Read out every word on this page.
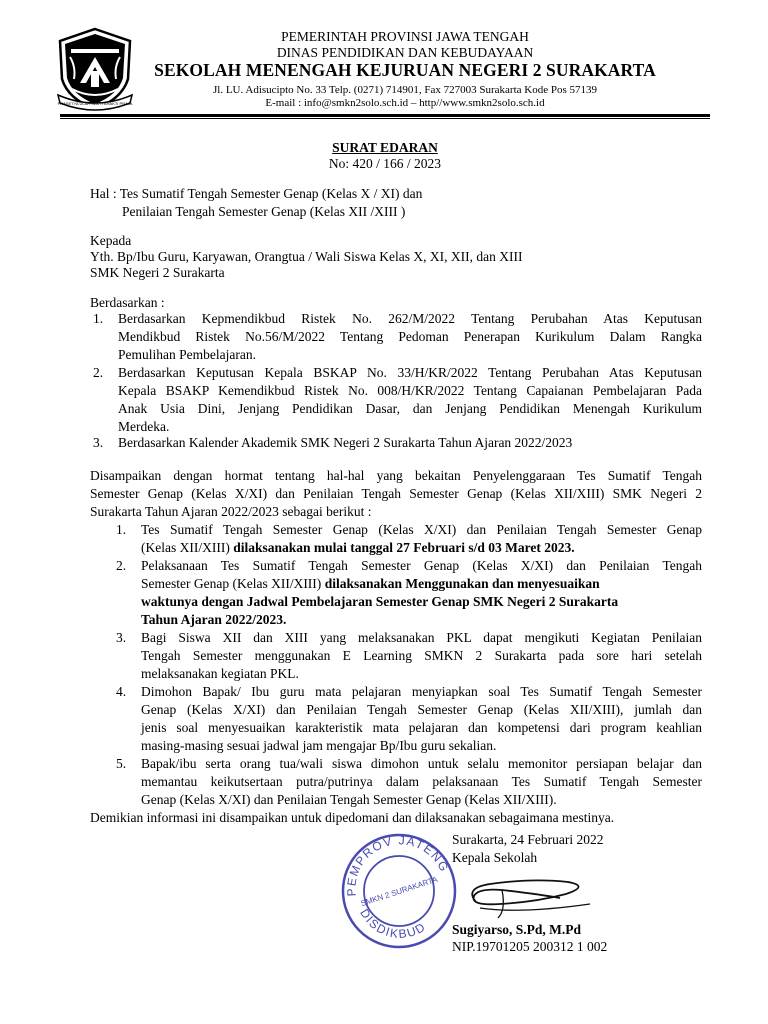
PRASETYA ULAH SAKTI BHAKTI PRAJA
PEMERINTAH PROVINSI JAWA TENGAH
DINAS PENDIDIKAN DAN KEBUDAYAAN
SEKOLAH MENENGAH KEJURUAN NEGERI 2 SURAKARTA
Jl. LU. Adisucipto No. 33 Telp. (0271) 714901, Fax 727003 Surakarta Kode Pos 57139
E-mail : info@smkn2solo.sch.id – http//www.smkn2solo.sch.id
SURAT EDARAN
No: 420 / 166 / 2023
Hal : Tes Sumatif Tengah Semester Genap (Kelas X / XI) dan
Penilaian Tengah Semester Genap (Kelas XII /XIII )
Kepada
Yth. Bp/Ibu Guru, Karyawan, Orangtua / Wali Siswa Kelas X, XI, XII, dan XIII
SMK Negeri 2 Surakarta
Berdasarkan :
1. Berdasarkan Kepmendikbud Ristek No. 262/M/2022 Tentang Perubahan Atas Keputusan
Mendikbud Ristek No.56/M/2022 Tentang Pedoman Penerapan Kurikulum Dalam Rangka
Pemulihan Pembelajaran.
2. Berdasarkan Keputusan Kepala BSKAP No. 33/H/KR/2022 Tentang Perubahan Atas Keputusan
Kepala BSAKP Kemendikbud Ristek No. 008/H/KR/2022 Tentang Capaianan Pembelajaran Pada
Anak Usia Dini, Jenjang Pendidikan Dasar, dan Jenjang Pendidikan Menengah Kurikulum
Merdeka.
3. Berdasarkan Kalender Akademik SMK Negeri 2 Surakarta Tahun Ajaran 2022/2023
Disampaikan dengan hormat tentang hal-hal yang bekaitan Penyelenggaraan Tes Sumatif Tengah
Semester Genap (Kelas X/XI) dan Penilaian Tengah Semester Genap (Kelas XII/XIII) SMK Negeri 2
Surakarta Tahun Ajaran 2022/2023 sebagai berikut :
1. Tes Sumatif Tengah Semester Genap (Kelas X/XI) dan Penilaian Tengah Semester Genap
(Kelas XII/XIII) dilaksanakan mulai tanggal 27 Februari s/d 03 Maret 2023.
2. Pelaksanaan Tes Sumatif Tengah Semester Genap (Kelas X/XI) dan Penilaian Tengah
Semester Genap (Kelas XII/XIII) dilaksanakan Menggunakan dan menyesuaikan
waktunya dengan Jadwal Pembelajaran Semester Genap SMK Negeri 2 Surakarta
Tahun Ajaran 2022/2023.
3. Bagi Siswa XII dan XIII yang melaksanakan PKL dapat mengikuti Kegiatan Penilaian
Tengah Semester menggunakan E Learning SMKN 2 Surakarta pada sore hari setelah
melaksanakan kegiatan PKL.
4. Dimohon Bapak/ Ibu guru mata pelajaran menyiapkan soal Tes Sumatif Tengah Semester
Genap (Kelas X/XI) dan Penilaian Tengah Semester Genap (Kelas XII/XIII), jumlah dan
jenis soal menyesuaikan karakteristik mata pelajaran dan kompetensi dari program keahlian
masing-masing sesuai jadwal jam mengajar Bp/Ibu guru sekalian.
5. Bapak/ibu serta orang tua/wali siswa dimohon untuk selalu memonitor persiapan belajar dan
memantau keikutsertaan putra/putrinya dalam pelaksanaan Tes Sumatif Tengah Semester
Genap (Kelas X/XI) dan Penilaian Tengah Semester Genap (Kelas XII/XIII).
Demikian informasi ini disampaikan untuk dipedomani dan dilaksanakan sebagaimana mestinya.
PEMPROV JATENG
DISDIKBUD
SMKN 2 SURAKARTA
Surakarta, 24 Februari 2022
Kepala Sekolah
Sugiyarso, S.Pd, M.Pd
NIP.19701205 200312 1 002
